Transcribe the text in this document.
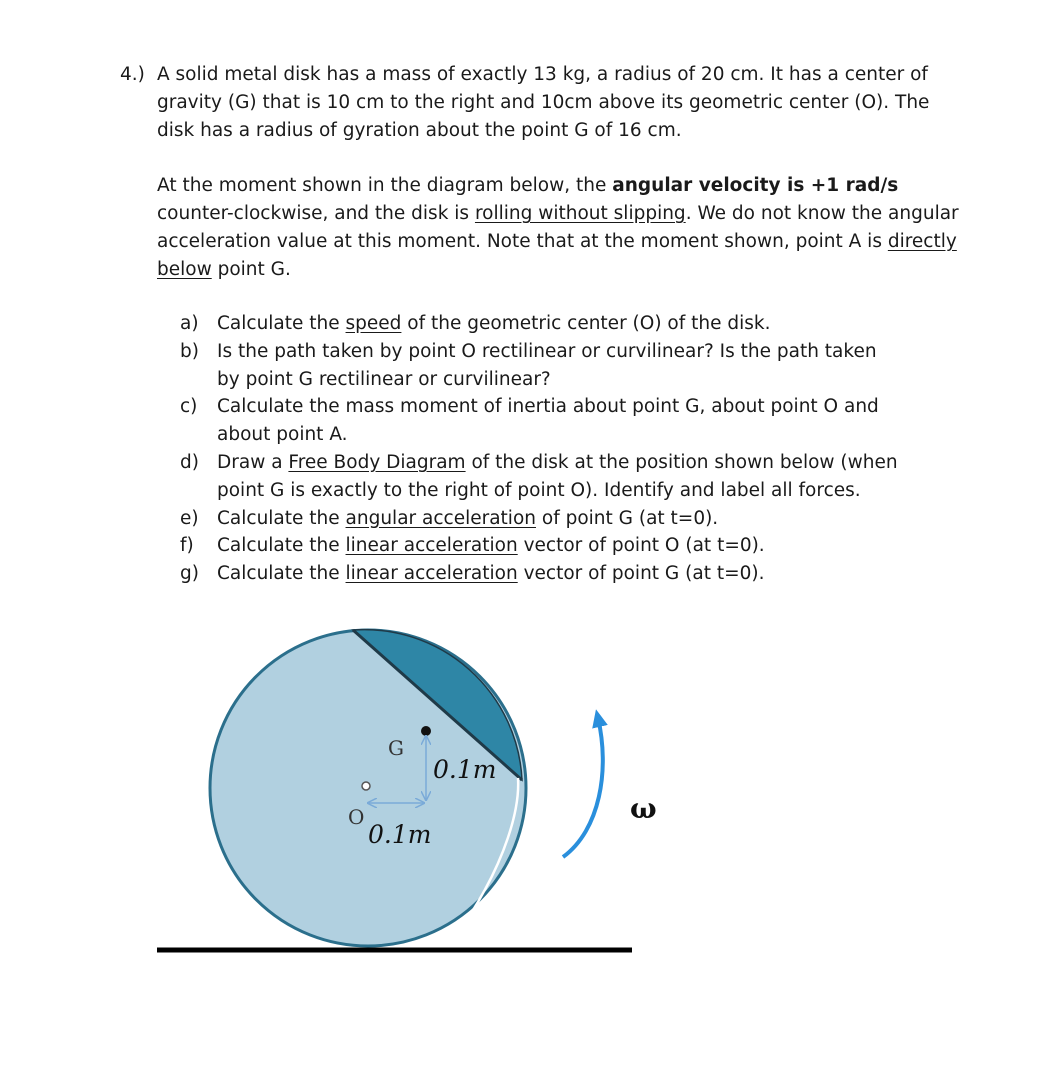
4.) A solid metal disk has a mass of exactly 13 kg, a radius of 20 cm. It has a center of gravity (G) that is 10 cm to the right and 10cm above its geometric center (O). The disk has a radius of gyration about the point G of 16 cm.

At the moment shown in the diagram below, the angular velocity is +1 rad/s counter-clockwise, and the disk is rolling without slipping. We do not know the angular acceleration value at this moment. Note that at the moment shown, point A is directly below point G.

a) Calculate the speed of the geometric center (O) of the disk.
b) Is the path taken by point O rectilinear or curvilinear? Is the path taken by point G rectilinear or curvilinear?
c) Calculate the mass moment of inertia about point G, about point O and about point A.
d) Draw a Free Body Diagram of the disk at the position shown below (when point G is exactly to the right of point O). Identify and label all forces.
e) Calculate the angular acceleration of point G (at t=0).
f) Calculate the linear acceleration vector of point O (at t=0).
g) Calculate the linear acceleration vector of point G (at t=0).
G
O
0.1m
0.1m
ω
